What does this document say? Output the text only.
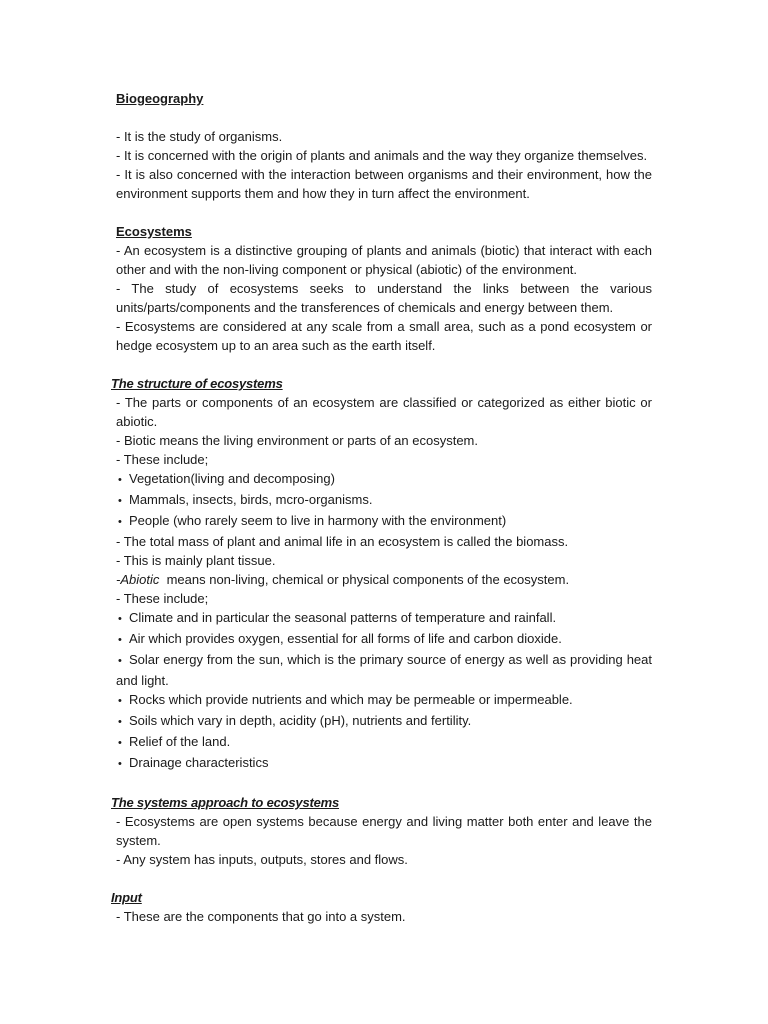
Biogeography

- It is the study of organisms.

- It is concerned with the origin of plants and animals and the way they organize themselves.

- It is also concerned with the interaction between organisms and their environment, how the environment supports them and how they in turn affect the environment.

Ecosystems

- An ecosystem is a distinctive grouping of plants and animals (biotic) that interact with each other and with the non-living component or physical (abiotic) of the environment.

- The study of ecosystems seeks to understand the links between the various units/parts/components and the transferences of chemicals and energy between them.

- Ecosystems are considered at any scale from a small area, such as a pond ecosystem or hedge ecosystem up to an area such as the earth itself.

The structure of ecosystems

- The parts or components of an ecosystem are classified or categorized as either biotic or abiotic.

- Biotic means the living environment or parts of an ecosystem.

- These include;

• Vegetation(living and decomposing)

• Mammals, insects, birds, mcro-organisms.

• People (who rarely seem to live in harmony with the environment)

- The total mass of plant and animal life in an ecosystem is called the biomass.

- This is mainly plant tissue.

-Abiotic means non-living, chemical or physical components of the ecosystem.

- These include;

• Climate and in particular the seasonal patterns of temperature and rainfall.

• Air which provides oxygen, essential for all forms of life and carbon dioxide.

• Solar energy from the sun, which is the primary source of energy as well as providing heat and light.

• Rocks which provide nutrients and which may be permeable or impermeable.

• Soils which vary in depth, acidity (pH), nutrients and fertility.

• Relief of the land.

• Drainage characteristics

The systems approach to ecosystems

- Ecosystems are open systems because energy and living matter both enter and leave the system.

- Any system has inputs, outputs, stores and flows.

Input

- These are the components that go into a system.
